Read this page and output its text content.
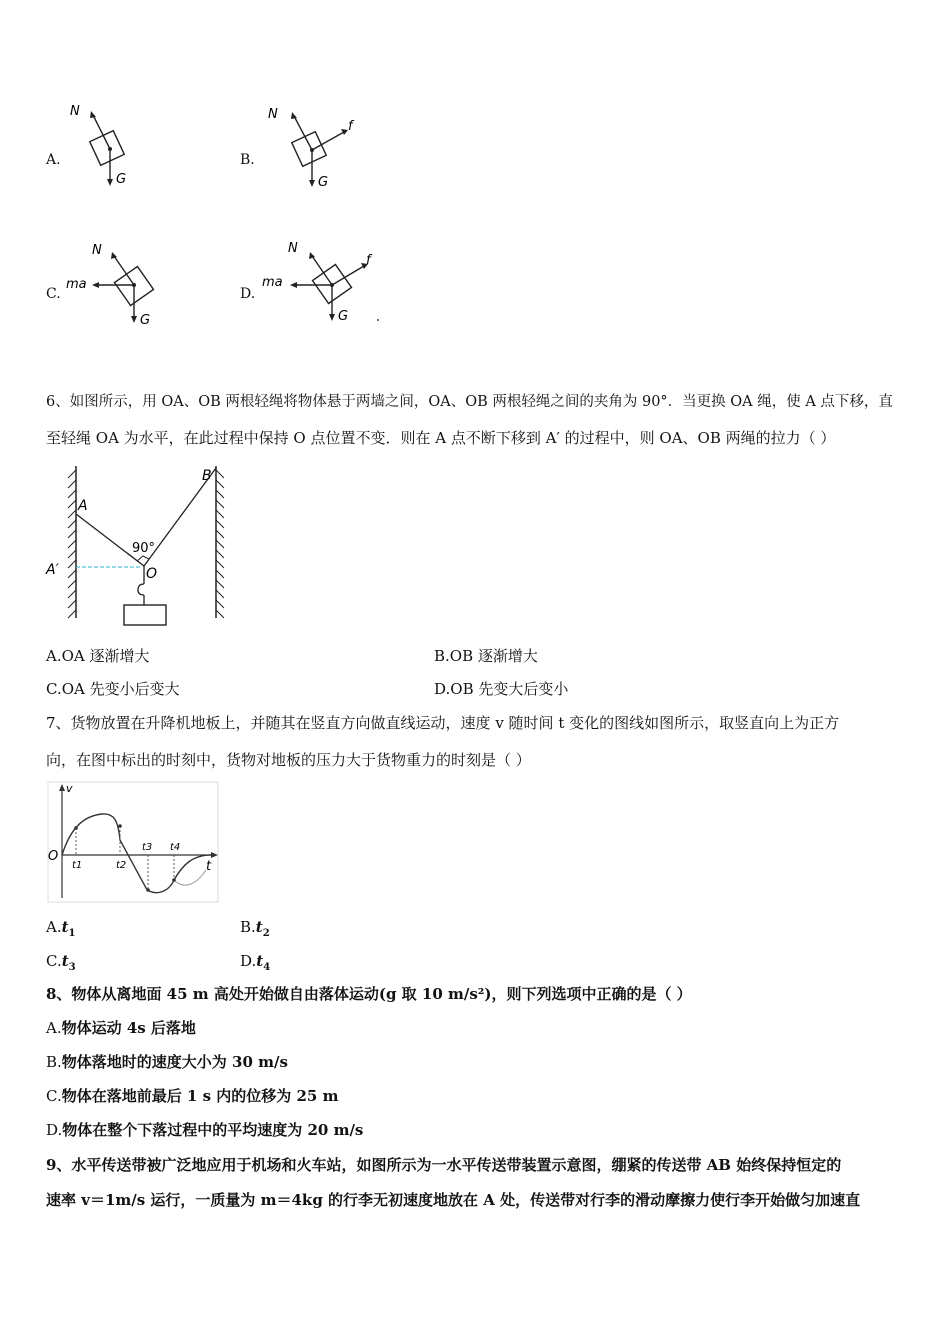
A.
N
G
B.
N
f
G
C.
N
ma
G
D.
N
ma
f
G
6、如图所示，用 OA、OB 两根轻绳将物体悬于两墙之间，OA、OB 两根轻绳之间的夹角为 90°．当更换 OA 绳，使 A 点下移，直
至轻绳 OA 为水平，在此过程中保持 O 点位置不变．则在 A 点不断下移到 A′ 的过程中，则 OA、OB 两绳的拉力（ ）
A
B
A′	O
90°
A.OA 逐渐增大	B.OB 逐渐增大
C.OA 先变小后变大	D.OB 先变大后变小
7、货物放置在升降机地板上，并随其在竖直方向做直线运动，速度 v 随时间 t 变化的图线如图所示，取竖直向上为正方
向，在图中标出的时刻中，货物对地板的压力大于货物重力的时刻是（ ）
v
t
O
t1	t2
t3 t4
$A.t_1$	$B.t_2$
$C.t_3$	$D.t_4$
8、物体从离地面 45 m 高处开始做自由落体运动(g 取 10 m/s²)，则下列选项中正确的是（ ）
A.物体运动 4s 后落地
B.物体落地时的速度大小为 30 m/s
C.物体在落地前最后 1 s 内的位移为 25 m
D.物体在整个下落过程中的平均速度为 20 m/s
9、水平传送带被广泛地应用于机场和火车站，如图所示为一水平传送带装置示意图，绷紧的传送带 AB 始终保持恒定的
速率 v＝1m/s 运行，一质量为 m＝4kg 的行李无初速度地放在 A 处，传送带对行李的滑动摩擦力使行李开始做匀加速直
